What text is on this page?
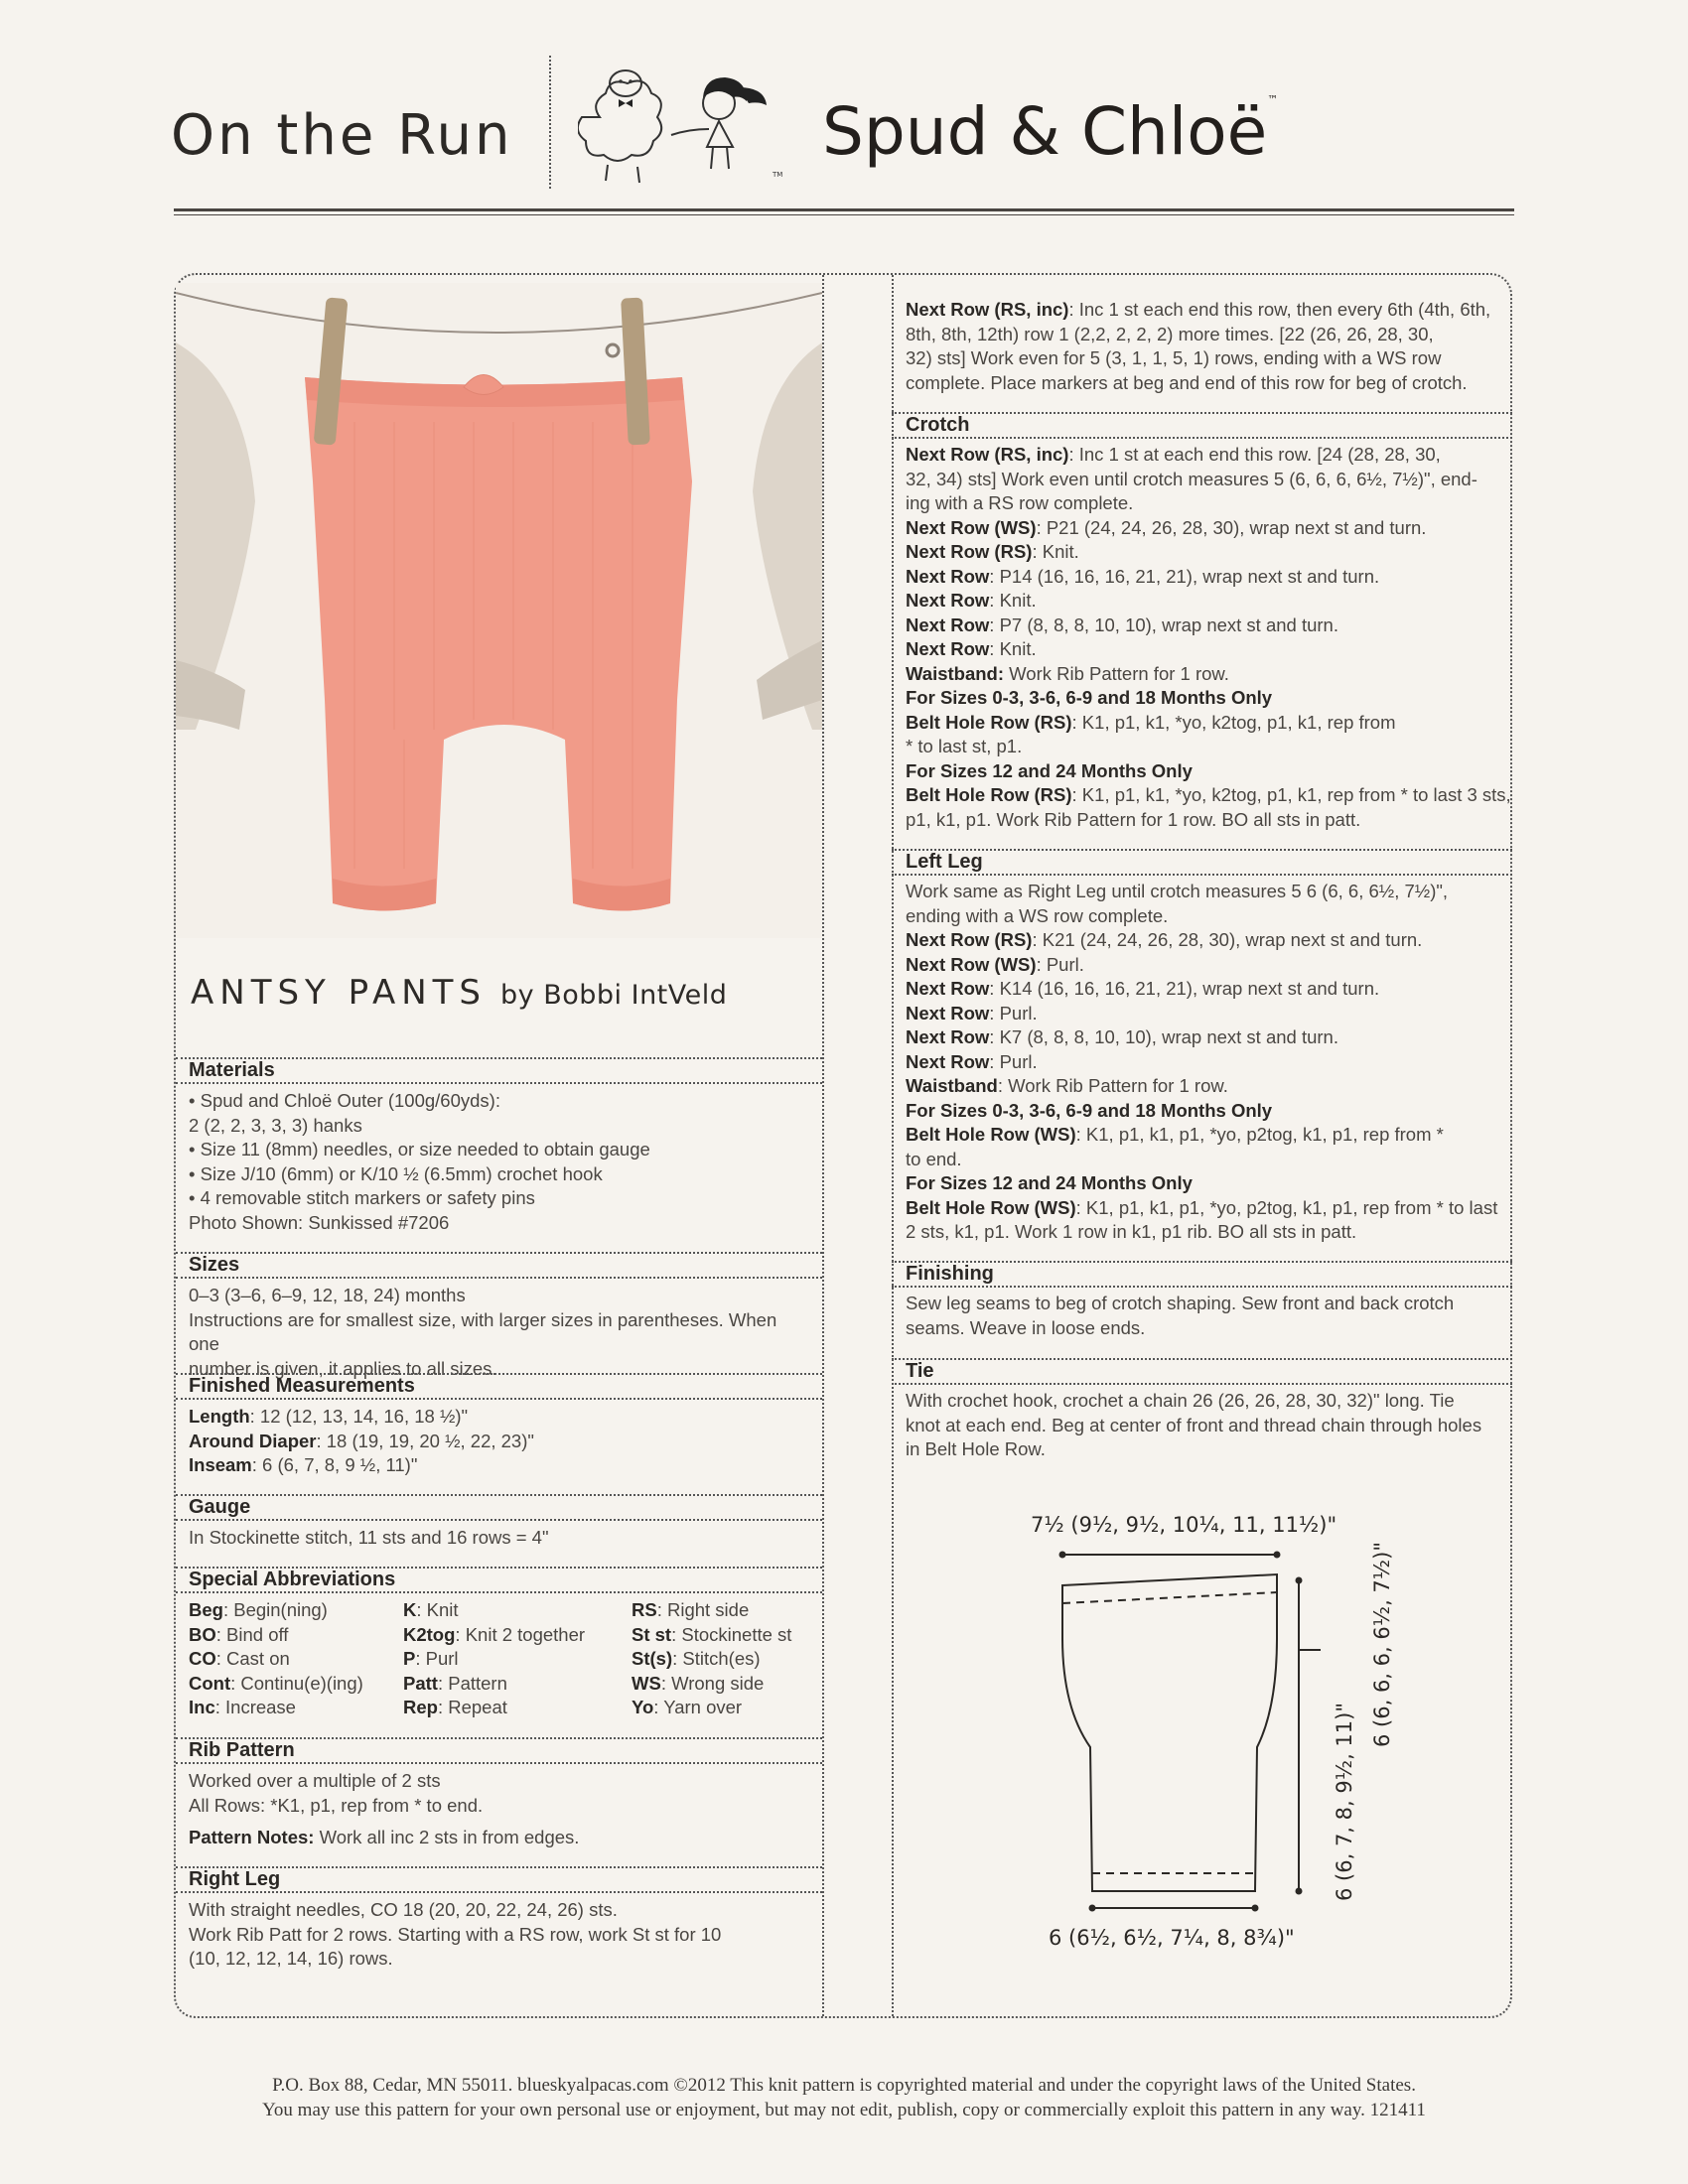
On the Run
TM
Spud & Chloë™
ANTSY PANTS by Bobbi IntVeld
Materials
• Spud and Chloë Outer (100g/60yds):
2 (2, 2, 3, 3, 3) hanks
• Size 11 (8mm) needles, or size needed to obtain gauge
• Size J/10 (6mm) or K/10 ½ (6.5mm) crochet hook
• 4 removable stitch markers or safety pins
Photo Shown: Sunkissed #7206
Sizes
0–3 (3–6, 6–9, 12, 18, 24) months
Instructions are for smallest size, with larger sizes in parentheses. When one
number is given, it applies to all sizes.
Finished Measurements
Length: 12 (12, 13, 14, 16, 18 ½)"
Around Diaper: 18 (19, 19, 20 ½, 22, 23)"
Inseam: 6 (6, 7, 8, 9 ½, 11)"
Gauge
In Stockinette stitch, 11 sts and 16 rows = 4"
Special Abbreviations
Beg: Begin(ning)
BO: Bind off
CO: Cast on
Cont: Continu(e)(ing)
Inc: Increase
K: Knit
K2tog: Knit 2 together
P: Purl
Patt: Pattern
Rep: Repeat
RS: Right side
St st: Stockinette st
St(s): Stitch(es)
WS: Wrong side
Yo: Yarn over
Rib Pattern
Worked over a multiple of 2 sts
All Rows: *K1, p1, rep from * to end.
Pattern Notes: Work all inc 2 sts in from edges.
Right Leg
With straight needles, CO 18 (20, 20, 22, 24, 26) sts.
Work Rib Patt for 2 rows. Starting with a RS row, work St st for 10
(10, 12, 12, 14, 16) rows.
Next Row (RS, inc): Inc 1 st each end this row, then every 6th (4th, 6th,
8th, 8th, 12th) row 1 (2,2, 2, 2, 2) more times. [22 (26, 26, 28, 30,
32) sts] Work even for 5 (3, 1, 1, 5, 1) rows, ending with a WS row
complete. Place markers at beg and end of this row for beg of crotch.
Crotch
Next Row (RS, inc): Inc 1 st at each end this row. [24 (28, 28, 30,
32, 34) sts] Work even until crotch measures 5 (6, 6, 6, 6½, 7½)", end-
ing with a RS row complete.
Next Row (WS): P21 (24, 24, 26, 28, 30), wrap next st and turn.
Next Row (RS): Knit.
Next Row: P14 (16, 16, 16, 21, 21), wrap next st and turn.
Next Row: Knit.
Next Row: P7 (8, 8, 8, 10, 10), wrap next st and turn.
Next Row: Knit.
Waistband: Work Rib Pattern for 1 row.
For Sizes 0-3, 3-6, 6-9 and 18 Months Only
Belt Hole Row (RS): K1, p1, k1, *yo, k2tog, p1, k1, rep from
* to last st, p1.
For Sizes 12 and 24 Months Only
Belt Hole Row (RS): K1, p1, k1, *yo, k2tog, p1, k1, rep from * to last 3 sts,
p1, k1, p1. Work Rib Pattern for 1 row. BO all sts in patt.
Left Leg
Work same as Right Leg until crotch measures 5 6 (6, 6, 6½, 7½)",
ending with a WS row complete.
Next Row (RS): K21 (24, 24, 26, 28, 30), wrap next st and turn.
Next Row (WS): Purl.
Next Row: K14 (16, 16, 16, 21, 21), wrap next st and turn.
Next Row: Purl.
Next Row: K7 (8, 8, 8, 10, 10), wrap next st and turn.
Next Row: Purl.
Waistband: Work Rib Pattern for 1 row.
For Sizes 0-3, 3-6, 6-9 and 18 Months Only
Belt Hole Row (WS): K1, p1, k1, p1, *yo, p2tog, k1, p1, rep from *
to end.
For Sizes 12 and 24 Months Only
Belt Hole Row (WS): K1, p1, k1, p1, *yo, p2tog, k1, p1, rep from * to last
2 sts, k1, p1. Work 1 row in k1, p1 rib. BO all sts in patt.
Finishing
Sew leg seams to beg of crotch shaping. Sew front and back crotch
seams. Weave in loose ends.
Tie
With crochet hook, crochet a chain 26 (26, 26, 28, 30, 32)" long. Tie
knot at each end. Beg at center of front and thread chain through holes
in Belt Hole Row.
7½ (9½, 9½, 10¼, 11, 11½)"
6 (6½, 6½, 7¼, 8, 8¾)"
6 (6, 7, 8, 9½, 11)"
6 (6, 6, 6, 6½, 7½)"
P.O. Box 88, Cedar, MN 55011. blueskyalpacas.com ©2012 This knit pattern is copyrighted material and under the copyright laws of the United States.
You may use this pattern for your own personal use or enjoyment, but may not edit, publish, copy or commercially exploit this pattern in any way. 121411
